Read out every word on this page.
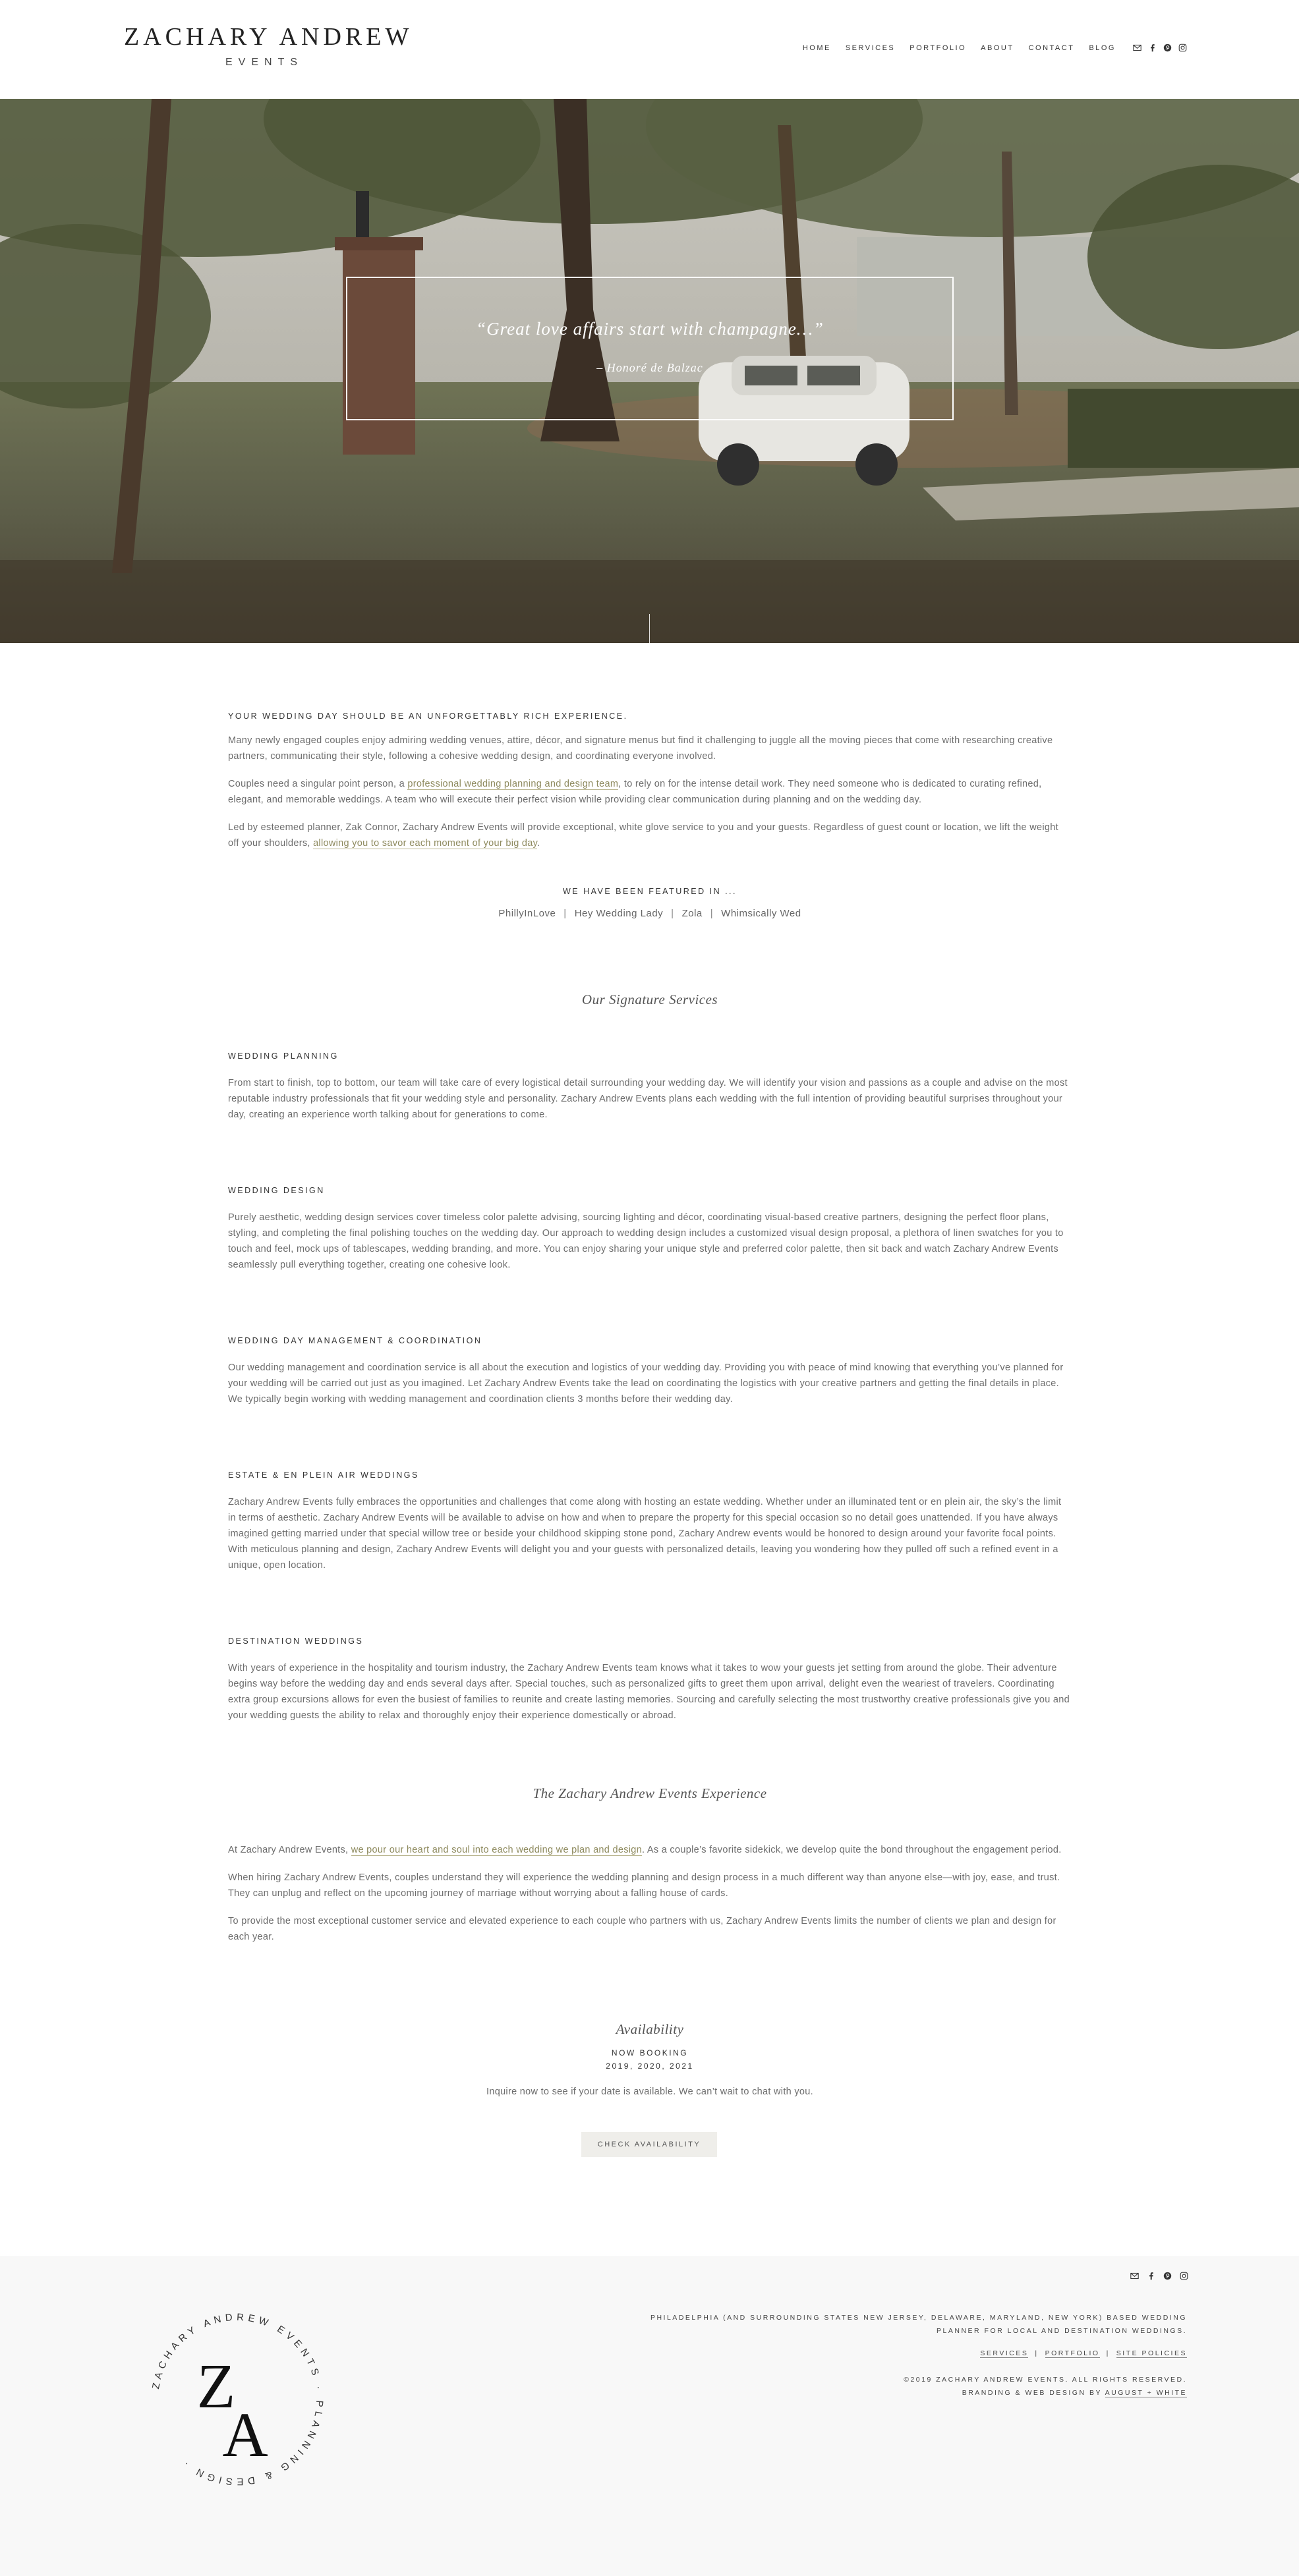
ZACHARY ANDREW
EVENTS
HOME SERVICES PORTFOLIO ABOUT CONTACT BLOG
“Great love affairs start with champagne…”
– Honoré de Balzac
YOUR WEDDING DAY SHOULD BE AN UNFORGETTABLY RICH EXPERIENCE.

Many newly engaged couples enjoy admiring wedding venues, attire, décor, and signature menus but find it challenging to juggle all the moving pieces that come with researching creative partners, communicating their style, following a cohesive wedding design, and coordinating everyone involved.

Couples need a singular point person, a professional wedding planning and design team, to rely on for the intense detail work. They need someone who is dedicated to curating refined, elegant, and memorable weddings. A team who will execute their perfect vision while providing clear communication during planning and on the wedding day.

Led by esteemed planner, Zak Connor, Zachary Andrew Events will provide exceptional, white glove service to you and your guests. Regardless of guest count or location, we lift the weight off your shoulders, allowing you to savor each moment of your big day.

WE HAVE BEEN FEATURED IN ...
PhillyInLove | Hey Wedding Lady | Zola | Whimsically Wed
Our Signature Services
WEDDING PLANNING

From start to finish, top to bottom, our team will take care of every logistical detail surrounding your wedding day. We will identify your vision and passions as a couple and advise on the most reputable industry professionals that fit your wedding style and personality. Zachary Andrew Events plans each wedding with the full intention of providing beautiful surprises throughout your day, creating an experience worth talking about for generations to come.

WEDDING DESIGN

Purely aesthetic, wedding design services cover timeless color palette advising, sourcing lighting and décor, coordinating visual-based creative partners, designing the perfect floor plans, styling, and completing the final polishing touches on the wedding day. Our approach to wedding design includes a customized visual design proposal, a plethora of linen swatches for you to touch and feel, mock ups of tablescapes, wedding branding, and more. You can enjoy sharing your unique style and preferred color palette, then sit back and watch Zachary Andrew Events seamlessly pull everything together, creating one cohesive look.

WEDDING DAY MANAGEMENT & COORDINATION

Our wedding management and coordination service is all about the execution and logistics of your wedding day. Providing you with peace of mind knowing that everything you’ve planned for your wedding will be carried out just as you imagined. Let Zachary Andrew Events take the lead on coordinating the logistics with your creative partners and getting the final details in place. We typically begin working with wedding management and coordination clients 3 months before their wedding day.

ESTATE & EN PLEIN AIR WEDDINGS

Zachary Andrew Events fully embraces the opportunities and challenges that come along with hosting an estate wedding. Whether under an illuminated tent or en plein air, the sky’s the limit in terms of aesthetic. Zachary Andrew Events will be available to advise on how and when to prepare the property for this special occasion so no detail goes unattended. If you have always imagined getting married under that special willow tree or beside your childhood skipping stone pond, Zachary Andrew events would be honored to design around your favorite focal points. With meticulous planning and design, Zachary Andrew Events will delight you and your guests with personalized details, leaving you wondering how they pulled off such a refined event in a unique, open location.

DESTINATION WEDDINGS

With years of experience in the hospitality and tourism industry, the Zachary Andrew Events team knows what it takes to wow your guests jet setting from around the globe. Their adventure begins way before the wedding day and ends several days after. Special touches, such as personalized gifts to greet them upon arrival, delight even the weariest of travelers. Coordinating extra group excursions allows for even the busiest of families to reunite and create lasting memories. Sourcing and carefully selecting the most trustworthy creative professionals give you and your wedding guests the ability to relax and thoroughly enjoy their experience domestically or abroad.

The Zachary Andrew Events Experience

At Zachary Andrew Events, we pour our heart and soul into each wedding we plan and design. As a couple’s favorite sidekick, we develop quite the bond throughout the engagement period.

When hiring Zachary Andrew Events, couples understand they will experience the wedding planning and design process in a much different way than anyone else—with joy, ease, and trust. They can unplug and reflect on the upcoming journey of marriage without worrying about a falling house of cards.

To provide the most exceptional customer service and elevated experience to each couple who partners with us, Zachary Andrew Events limits the number of clients we plan and design for each year.

Availability
NOW BOOKING
2019, 2020, 2021

Inquire now to see if your date is available. We can’t wait to chat with you.

CHECK AVAILABILITY
ZACHARY ANDREW EVENTS · PLANNING & DESIGN ·
Z
A
PHILADELPHIA (AND SURROUNDING STATES NEW JERSEY, DELAWARE, MARYLAND, NEW YORK) BASED WEDDING PLANNER FOR LOCAL AND DESTINATION WEDDINGS.
SERVICES | PORTFOLIO | SITE POLICIES
©2019 ZACHARY ANDREW EVENTS. ALL RIGHTS RESERVED.
BRANDING & WEB DESIGN BY AUGUST + WHITE
